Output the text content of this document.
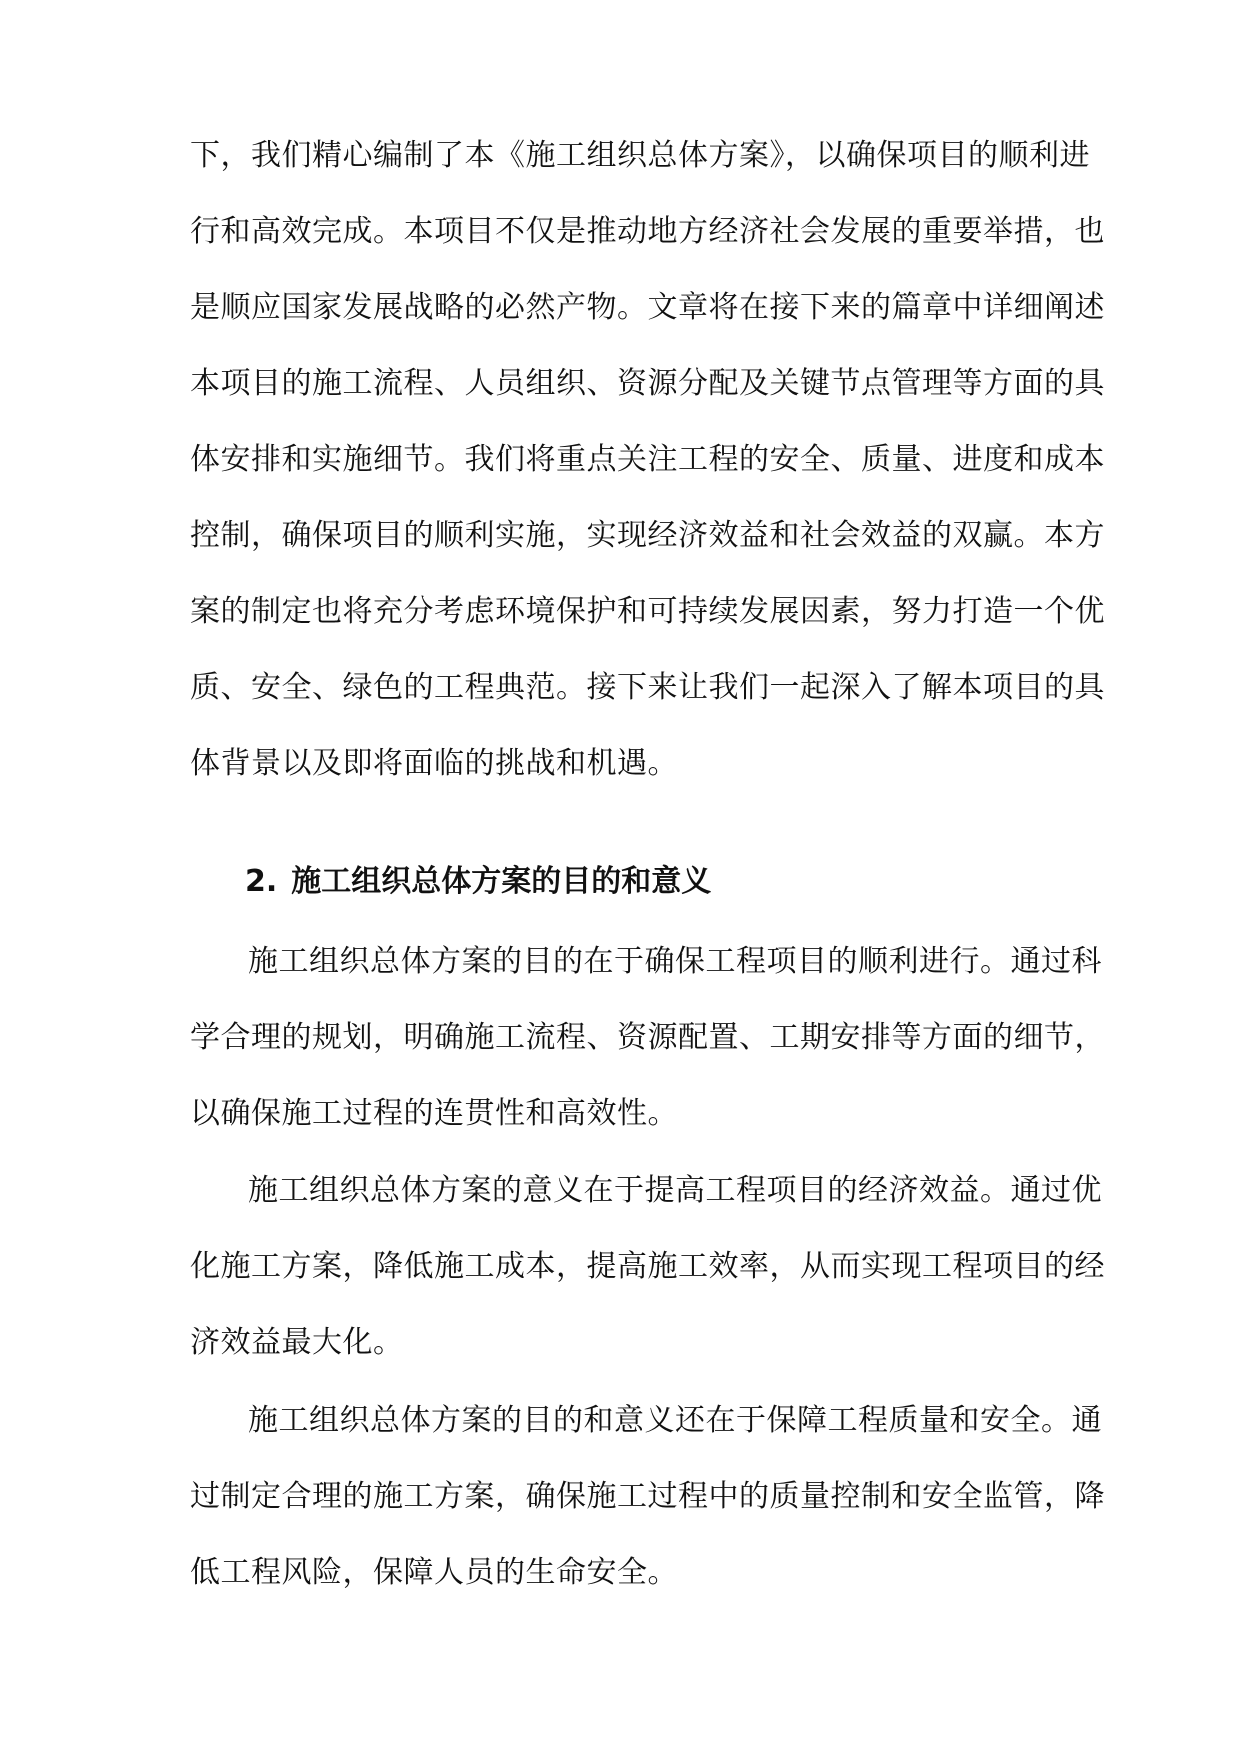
下，我们精心编制了本《施工组织总体方案》，以确保项目的顺利进
行和高效完成。本项目不仅是推动地方经济社会发展的重要举措，也
是顺应国家发展战略的必然产物。文章将在接下来的篇章中详细阐述
本项目的施工流程、人员组织、资源分配及关键节点管理等方面的具
体安排和实施细节。我们将重点关注工程的安全、质量、进度和成本
控制，确保项目的顺利实施，实现经济效益和社会效益的双赢。本方
案的制定也将充分考虑环境保护和可持续发展因素，努力打造一个优
质、安全、绿色的工程典范。接下来让我们一起深入了解本项目的具
体背景以及即将面临的挑战和机遇。
2. 施工组织总体方案的目的和意义
施工组织总体方案的目的在于确保工程项目的顺利进行。通过科
学合理的规划，明确施工流程、资源配置、工期安排等方面的细节，
以确保施工过程的连贯性和高效性。
施工组织总体方案的意义在于提高工程项目的经济效益。通过优
化施工方案，降低施工成本，提高施工效率，从而实现工程项目的经
济效益最大化。
施工组织总体方案的目的和意义还在于保障工程质量和安全。通
过制定合理的施工方案，确保施工过程中的质量控制和安全监管，降
低工程风险，保障人员的生命安全。
